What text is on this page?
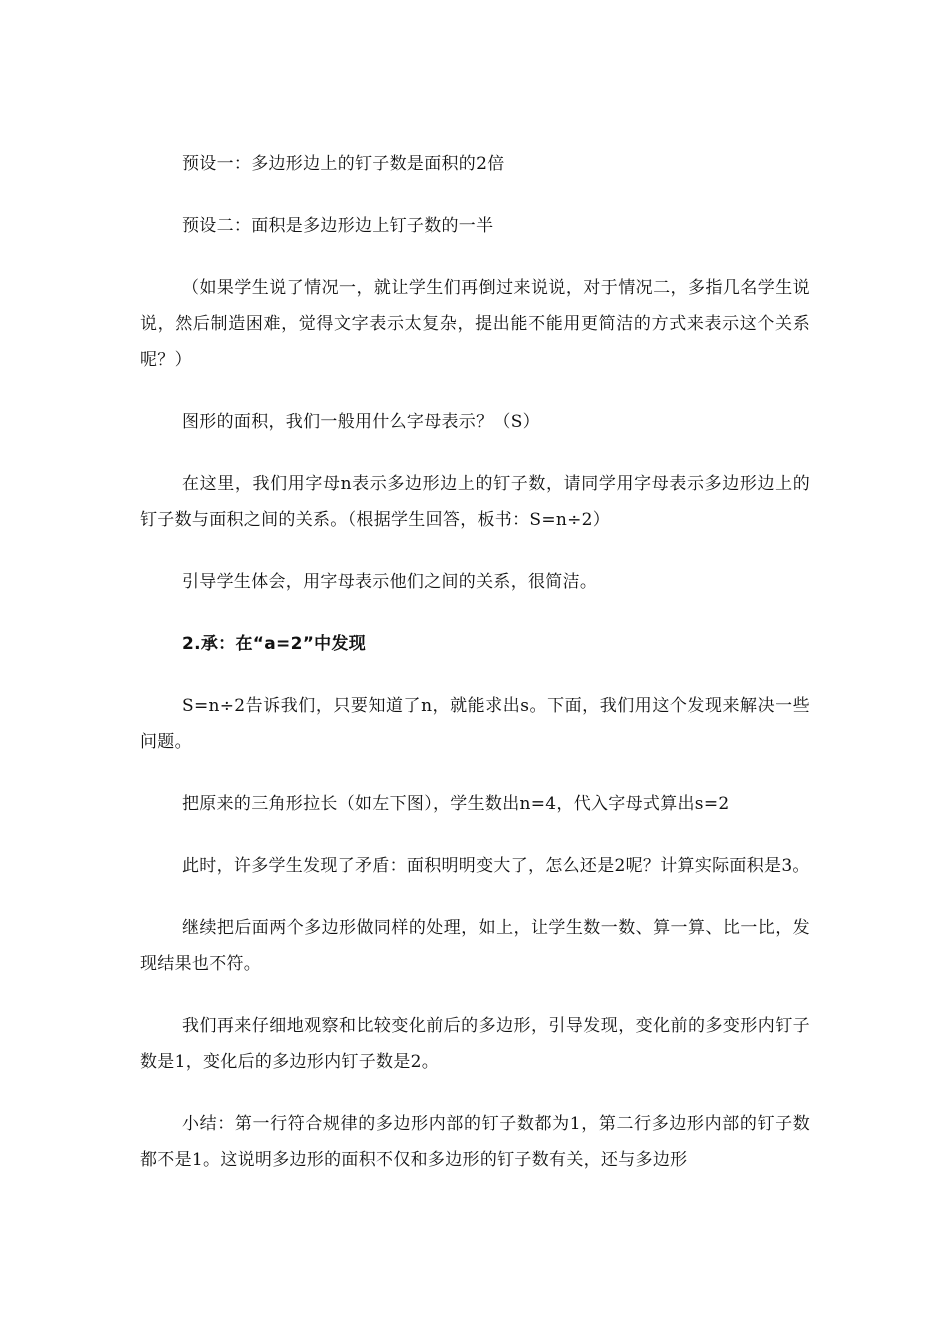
预设一：多边形边上的钉子数是面积的2倍

预设二：面积是多边形边上钉子数的一半

（如果学生说了情况一，就让学生们再倒过来说说，对于情况二，多指几名学生说说，然后制造困难，觉得文字表示太复杂，提出能不能用更简洁的方式来表示这个关系呢？）

图形的面积，我们一般用什么字母表示？（S）

在这里，我们用字母n表示多边形边上的钉子数，请同学用字母表示多边形边上的钉子数与面积之间的关系。（根据学生回答，板书：S=n÷2）

引导学生体会，用字母表示他们之间的关系，很简洁。

2.承：在“a=2”中发现

S=n÷2告诉我们，只要知道了n，就能求出s。下面，我们用这个发现来解决一些问题。

把原来的三角形拉长（如左下图），学生数出n=4，代入字母式算出s=2

此时，许多学生发现了矛盾：面积明明变大了，怎么还是2呢？计算实际面积是3。

继续把后面两个多边形做同样的处理，如上，让学生数一数、算一算、比一比，发现结果也不符。

我们再来仔细地观察和比较变化前后的多边形，引导发现，变化前的多变形内钉子数是1，变化后的多边形内钉子数是2。

小结：第一行符合规律的多边形内部的钉子数都为1，第二行多边形内部的钉子数都不是1。这说明多边形的面积不仅和多边形的钉子数有关，还与多边形
